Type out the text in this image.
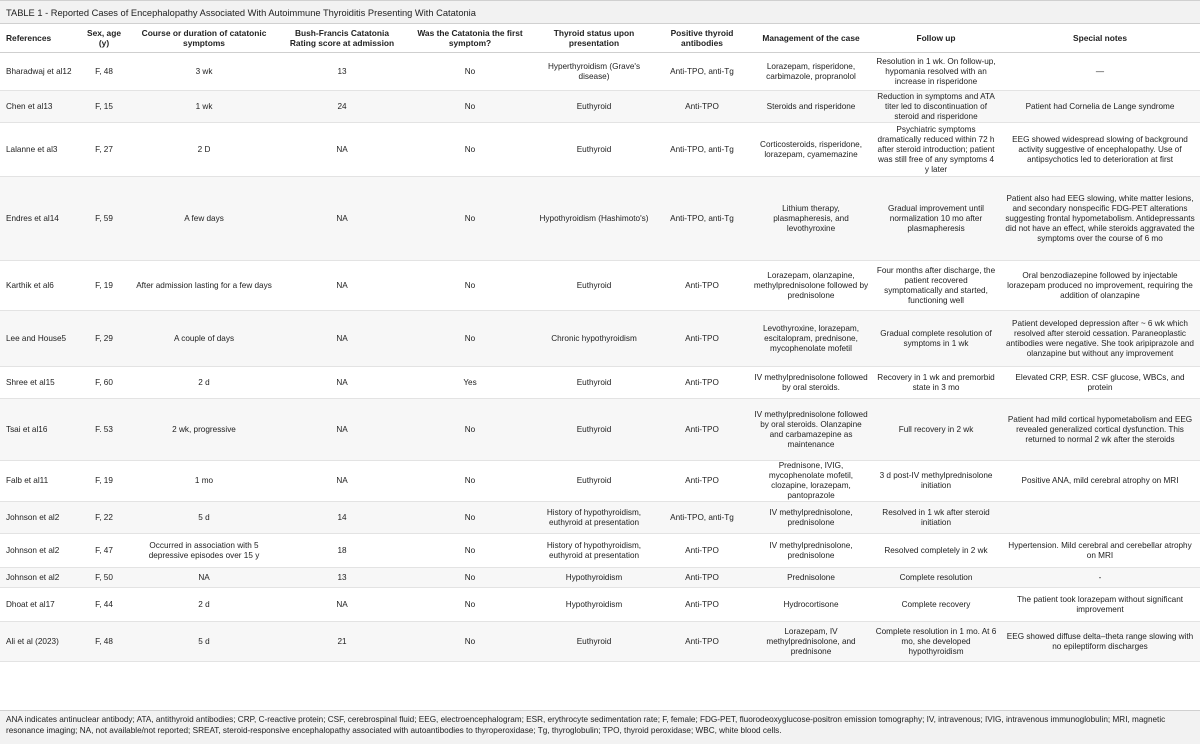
TABLE 1 - Reported Cases of Encephalopathy Associated With Autoimmune Thyroiditis Presenting With Catatonia
References	Sex, age (y)	Course or duration of catatonic symptoms	Bush-Francis Catatonia Rating score at admission	Was the Catatonia the first symptom?	Thyroid status upon presentation	Positive thyroid antibodies	Management of the case	Follow up	Special notes
Bharadwaj et al12	F, 48	3 wk	13	No	Hyperthyroidism (Grave's disease)	Anti-TPO, anti-Tg	Lorazepam, risperidone, carbimazole, propranolol	Resolution in 1 wk. On follow-up, hypomania resolved with an increase in risperidone	—
Chen et al13	F, 15	1 wk	24	No	Euthyroid	Anti-TPO	Steroids and risperidone	Reduction in symptoms and ATA titer led to discontinuation of steroid and risperidone	Patient had Cornelia de Lange syndrome
Lalanne et al3	F, 27	2 D	NA	No	Euthyroid	Anti-TPO, anti-Tg	Corticosteroids, risperidone, lorazepam, cyamemazine	Psychiatric symptoms dramatically reduced within 72 h after steroid introduction; patient was still free of any symptoms 4 y later	EEG showed widespread slowing of background activity suggestive of encephalopathy. Use of antipsychotics led to deterioration at first
Endres et al14	F, 59	A few days	NA	No	Hypothyroidism (Hashimoto's)	Anti-TPO, anti-Tg	Lithium therapy, plasmapheresis, and levothyroxine	Gradual improvement until normalization 10 mo after plasmapheresis	Patient also had EEG slowing, white matter lesions, and secondary nonspecific FDG-PET alterations suggesting frontal hypometabolism. Antidepressants did not have an effect, while steroids aggravated the symptoms over the course of 6 mo
Karthik et al6	F, 19	After admission lasting for a few days	NA	No	Euthyroid	Anti-TPO	Lorazepam, olanzapine, methylprednisolone followed by prednisolone	Four months after discharge, the patient recovered symptomatically and started, functioning well	Oral benzodiazepine followed by injectable lorazepam produced no improvement, requiring the addition of olanzapine
Lee and House5	F, 29	A couple of days	NA	No	Chronic hypothyroidism	Anti-TPO	Levothyroxine, lorazepam, escitalopram, prednisone, mycophenolate mofetil	Gradual complete resolution of symptoms in 1 wk	Patient developed depression after ~ 6 wk which resolved after steroid cessation. Paraneoplastic antibodies were negative. She took aripiprazole and olanzapine but without any improvement
Shree et al15	F, 60	2 d	NA	Yes	Euthyroid	Anti-TPO	IV methylprednisolone followed by oral steroids.	Recovery in 1 wk and premorbid state in 3 mo	Elevated CRP, ESR. CSF glucose, WBCs, and protein
Tsai et al16	F. 53	2 wk, progressive	NA	No	Euthyroid	Anti-TPO	IV methylprednisolone followed by oral steroids. Olanzapine and carbamazepine as maintenance	Full recovery in 2 wk	Patient had mild cortical hypometabolism and EEG revealed generalized cortical dysfunction. This returned to normal 2 wk after the steroids
Falb et al11	F, 19	1 mo	NA	No	Euthyroid	Anti-TPO	Prednisone, IVIG, mycophenolate mofetil, clozapine, lorazepam, pantoprazole	3 d post-IV methylprednisolone initiation	Positive ANA, mild cerebral atrophy on MRI
Johnson et al2	F, 22	5 d	14	No	History of hypothyroidism, euthyroid at presentation	Anti-TPO, anti-Tg	IV methylprednisolone, prednisolone	Resolved in 1 wk after steroid initiation	
Johnson et al2	F, 47	Occurred in association with 5 depressive episodes over 15 y	18	No	History of hypothyroidism, euthyroid at presentation	Anti-TPO	IV methylprednisolone, prednisolone	Resolved completely in 2 wk	Hypertension. Mild cerebral and cerebellar atrophy on MRI
Johnson et al2	F, 50	NA	13	No	Hypothyroidism	Anti-TPO	Prednisolone	Complete resolution	-
Dhoat et al17	F, 44	2 d	NA	No	Hypothyroidism	Anti-TPO	Hydrocortisone	Complete recovery	The patient took lorazepam without significant improvement
Ali et al (2023)	F, 48	5 d	21	No	Euthyroid	Anti-TPO	Lorazepam, IV methylprednisolone, and prednisone	Complete resolution in 1 mo. At 6 mo, she developed hypothyroidism	EEG showed diffuse delta–theta range slowing with no epileptiform discharges
ANA indicates antinuclear antibody; ATA, antithyroid antibodies; CRP, C-reactive protein; CSF, cerebrospinal fluid; EEG, electroencephalogram; ESR, erythrocyte sedimentation rate; F, female; FDG-PET, fluorodeoxyglucose-positron emission tomography; IV, intravenous; IVIG, intravenous immunoglobulin; MRI, magnetic resonance imaging; NA, not available/not reported; SREAT, steroid-responsive encephalopathy associated with autoantibodies to thyroperoxidase; Tg, thyroglobulin; TPO, thyroid peroxidase; WBC, white blood cells.
